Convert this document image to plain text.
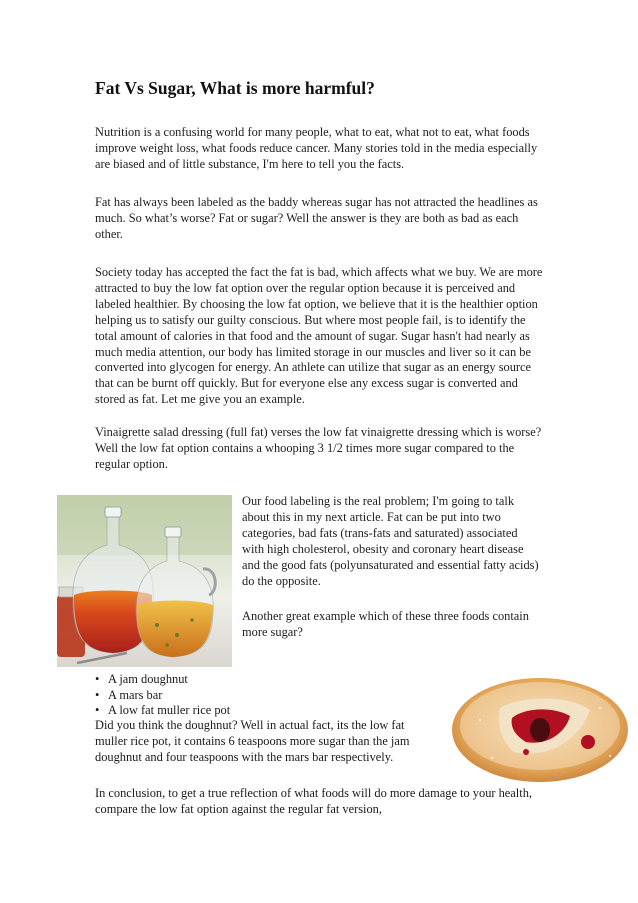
Fat Vs Sugar, What is more harmful?

Nutrition is a confusing world for many people, what to eat, what not to eat, what foods improve weight loss, what foods reduce cancer. Many stories told in the media especially are biased and of little substance, I'm here to tell you the facts.

Fat has always been labeled as the baddy whereas sugar has not attracted the headlines as much. So what’s worse? Fat or sugar? Well the answer is they are both as bad as each other.

Society today has accepted the fact the fat is bad, which affects what we buy. We are more attracted to buy the low fat option over the regular option because it is perceived and labeled healthier. By choosing the low fat option, we believe that it is the healthier option helping us to satisfy our guilty conscious. But where most people fail, is to identify the total amount of calories in that food and the amount of sugar. Sugar hasn't had nearly as much media attention, our body has limited storage in our muscles and liver so it can be converted into glycogen for energy. An athlete can utilize that sugar as an energy source that can be burnt off quickly. But for everyone else any excess sugar is converted and stored as fat. Let me give you an example.

Vinaigrette salad dressing (full fat) verses the low fat vinaigrette dressing which is worse? Well the low fat option contains a whooping 3 1/2 times more sugar compared to the regular option.

Our food labeling is the real problem; I'm going to talk about this in my next article. Fat can be put into two categories, bad fats (trans-fats and saturated) associated with high cholesterol, obesity and coronary heart disease and the good fats (polyunsaturated and essential fatty acids) do the opposite.

Another great example which of these three foods contain more sugar?

• A jam doughnut
• A mars bar
• A low fat muller rice pot

Did you think the doughnut? Well in actual fact, its the low fat muller rice pot, it contains 6 teaspoons more sugar than the jam doughnut and four teaspoons with the mars bar respectively.

In conclusion, to get a true reflection of what foods will do more damage to your health, compare the low fat option against the regular fat version,
